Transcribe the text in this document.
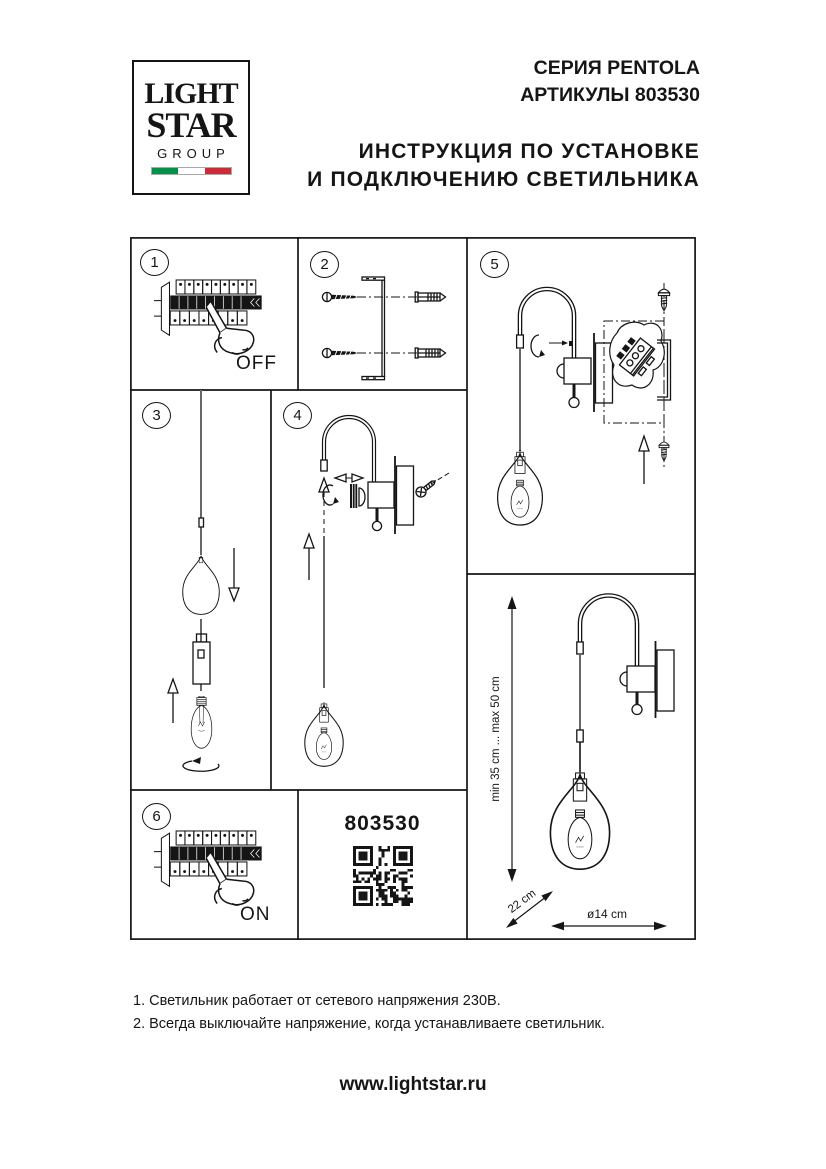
LIGHT
STAR
GROUP
СЕРИЯ PENTOLA
АРТИКУЛЫ 803530
ИНСТРУКЦИЯ ПО УСТАНОВКЕ
И ПОДКЛЮЧЕНИЮ СВЕТИЛЬНИКА
1
OFF
2	5
3	4
6
ON
803530
min 35 cm ... max 50 cm
22 cm	ø14 cm
1. Светильник работает от сетевого напряжения 230В.
2. Всегда выключайте напряжение, когда устанавливаете светильник.
www.lightstar.ru
